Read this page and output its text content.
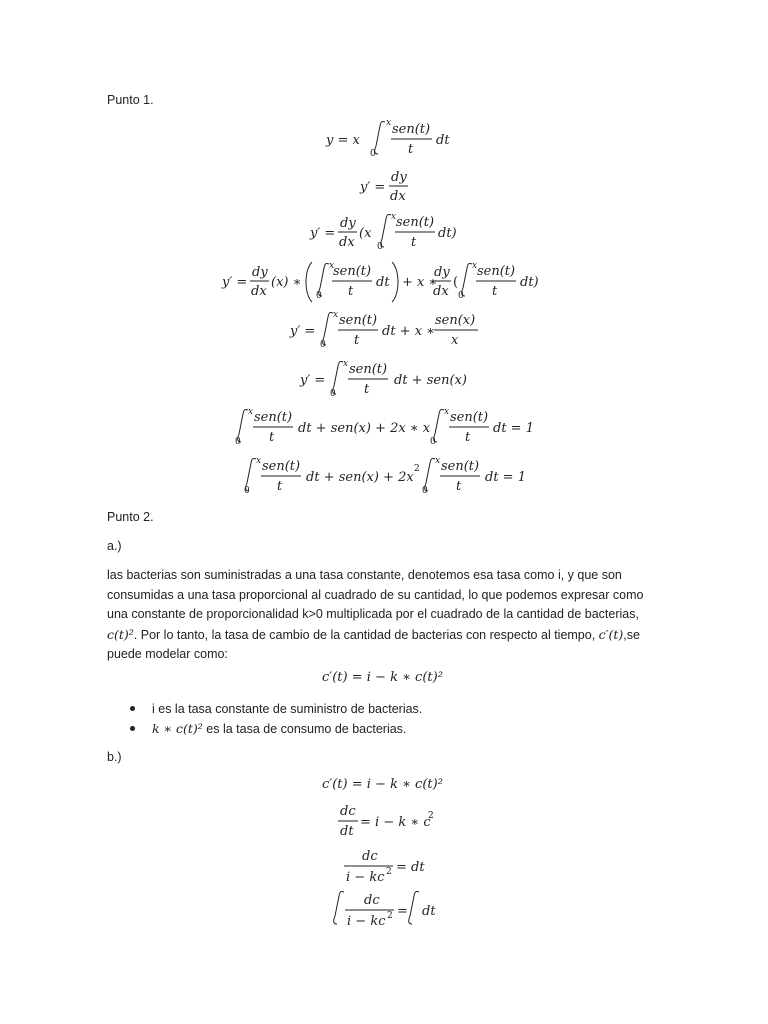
Punto 1.
y = x
0
x sen(t)
t
dt
y′ =
dy
dx
y′ =
dy
dx
(x
0
x sen(t)
t
dt)
y′ =
dy
dx
(x) ∗
0
x
sen(t)
t
dt + x ∗
dy
dx
(
0
x sen(t)
t
dt)
y′ =
0
x sen(t)
t
dt + x ∗
sen(x)
x
y′ =
0
x sen(t)
t
dt + sen(x)
0
x sen(t)
t
dt + sen(x) + 2x ∗ x
0
x sen(t)
t
dt = 1
0
x sen(t)
t
dt + sen(x) + 2x
2
0
x sen(t)
t
dt = 1
Punto 2.
a.)

las bacterias son suministradas a una tasa constante, denotemos esa tasa como i, y que son

consumidas a una tasa proporcional al cuadrado de su cantidad, lo que podemos expresar como

una constante de proporcionalidad k>0 multiplicada por el cuadrado de la cantidad de bacterias,

c(t)². Por lo tanto, la tasa de cambio de la cantidad de bacterias con respecto al tiempo, c′(t),se

puede modelar como:

c′(t) = i − k ∗ c(t)²
i es la tasa constante de suministro de bacterias.
k ∗ c(t)² es la tasa de consumo de bacterias.
b.)
c′(t) = i − k ∗ c(t)²
dc
dt
= i − k ∗ c
2
dc
i − kc 2 = dt
dc
i − kc 2 = dt
